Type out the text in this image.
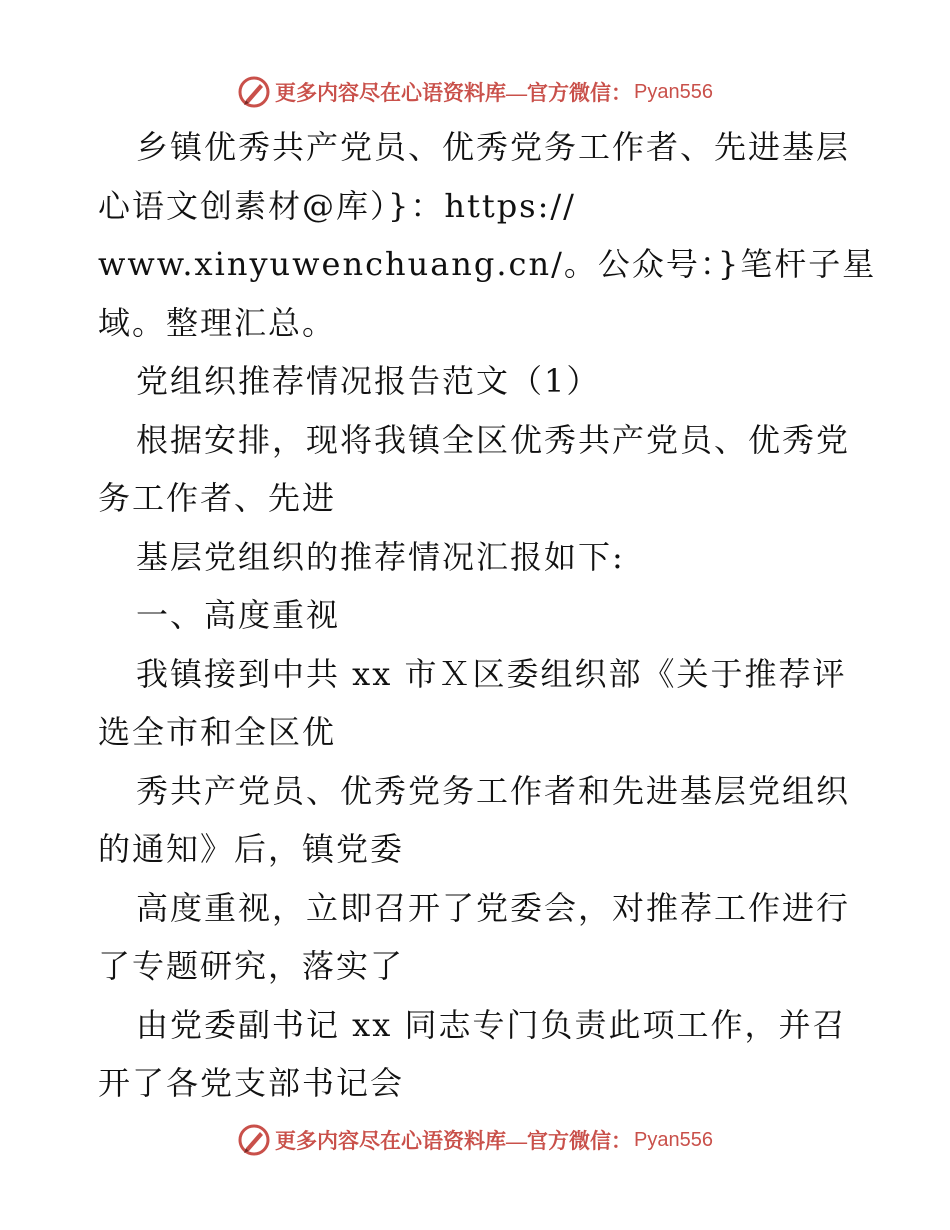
更多内容尽在心语资料库—官方微信： Pyan556
乡镇优秀共产党员、优秀党务工作者、先进基层
心语文创素材@库）}：https://
www.xinyuwenchuang.cn/。公众号：}笔杆子星
域。整理汇总。
党组织推荐情况报告范文（1）
根据安排，现将我镇全区优秀共产党员、优秀党
务工作者、先进
基层党组织的推荐情况汇报如下:
一、高度重视
我镇接到中共 xx 市Ｘ区委组织部《关于推荐评
选全市和全区优
秀共产党员、优秀党务工作者和先进基层党组织
的通知》后，镇党委
高度重视，立即召开了党委会，对推荐工作进行
了专题研究，落实了
由党委副书记 xx 同志专门负责此项工作，并召
开了各党支部书记会
更多内容尽在心语资料库—官方微信： Pyan556
